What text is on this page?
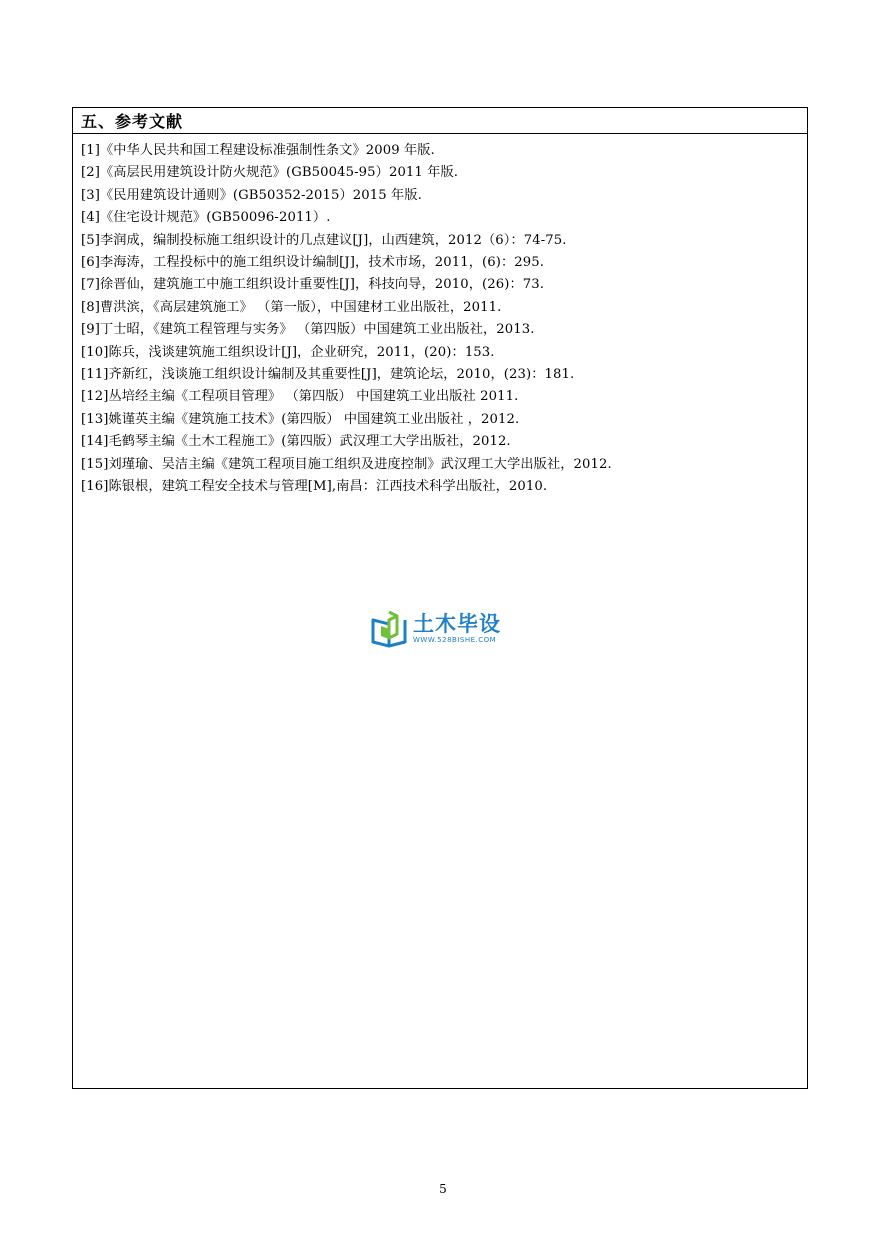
五、参考文献
[1]《中华人民共和国工程建设标准强制性条文》2009 年版.
[2]《高层民用建筑设计防火规范》(GB50045-95）2011 年版.
[3]《民用建筑设计通则》(GB50352-2015）2015 年版.
[4]《住宅设计规范》(GB50096-2011）.
[5]李润成，编制投标施工组织设计的几点建议[J]，山西建筑，2012（6）：74-75.
[6]李海涛，工程投标中的施工组织设计编制[J]，技术市场，2011，(6)：295.
[7]徐晋仙，建筑施工中施工组织设计重要性[J]，科技向导，2010，(26)：73.
[8]曹洪滨，《高层建筑施工》 （第一版），中国建材工业出版社，2011.
[9]丁士昭，《建筑工程管理与实务》 （第四版）中国建筑工业出版社，2013.
[10]陈兵，浅谈建筑施工组织设计[J]，企业研究，2011，(20)：153.
[11]齐新红，浅谈施工组织设计编制及其重要性[J]，建筑论坛，2010，(23)：181.
[12]丛培经主编《工程项目管理》 （第四版） 中国建筑工业出版社 2011.
[13]姚谨英主编《建筑施工技术》(第四版） 中国建筑工业出版社 ，2012.
[14]毛鹤琴主编《土木工程施工》(第四版）武汉理工大学出版社，2012.
[15]刘瑾瑜、吴洁主编《建筑工程项目施工组织及进度控制》武汉理工大学出版社，2012.
[16]陈银根，建筑工程安全技术与管理[M],南昌：江西技术科学出版社，2010.
土木毕设
WWW.528BISHE.COM
5
